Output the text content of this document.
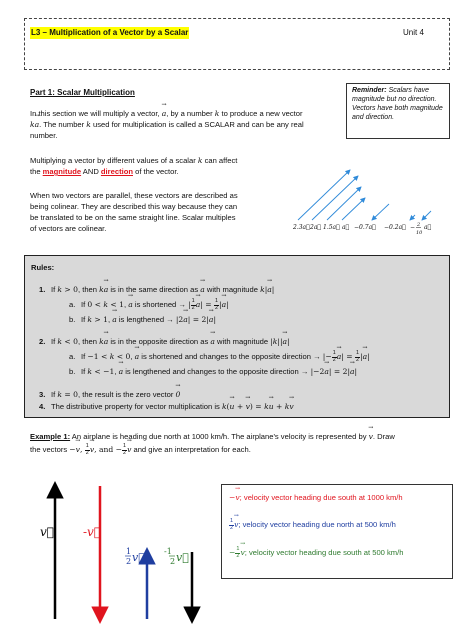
L3 – Multiplication of a Vector by a Scalar	Unit 4
Part 1: Scalar Multiplication
In this section we will multiply a vector, → a, by a number k to produce a new vector
k→ a. The number k used for multiplication is called a SCALAR and can be any real
number.
Multiplying a vector by different values of a scalar k can affect
the magnitude AND direction of the vector.
When two vectors are parallel, these vectors are described as
being colinear. They are described this way because they can
be translated to be on the same straight line. Scalar multiples
of vectors are colinear.
Reminder: Scalars have magnitude but no direction. Vectors have both magnitude and direction.
2.3a⃗ 2a⃗ 1.5a⃗ a⃗ −0.7a⃗ −0.2a⃗ − 2
10
a⃗
Rules:
1. If k > 0, then k→ a is in the same direction as → a with magnitude k|→ a|
a. If 0 < k < 1, → a is shortened → | $\frac{1}{2}$
→ $a| = \frac{1}{2}$ |→ a|
b. If k > 1, → a is lengthened → |2→ a| = 2|→ a|
2. If k < 0, then k→ a is in the opposite direction as → a with magnitude |k||→ a|
a. If −1 < k < 0, → a is shortened and changes to the opposite direction → |− $\frac{1}{2}$
→ $a| = \frac{1}{2}$ |→ a|
b. If k < −1, → a is lengthened and changes to the opposite direction → |−2→ a| = 2|→ a|
3. If k = 0, the result is the zero vector → 0
4. The distributive property for vector multiplication is k(→ u + → v) = k→ u + k→ v
Example 1: An airplane is heading due north at 1000 km/h. The airplane's velocity is represented by → v. Draw
the vectors −→ v, $\frac{1}{2}$
→ v, and − $\frac{1}{2}$
→ v and give an interpretation for each.
v⃗ -v⃗
1
2 v⃗ -1
2 v⃗
−→ v; velocity vector heading due south at 1000 km/h
$\frac{1}{2}$
→ v; velocity vector heading due north at 500 km/h
− $\frac{1}{2}$
→ v; velocity vector heading due south at 500 km/h
